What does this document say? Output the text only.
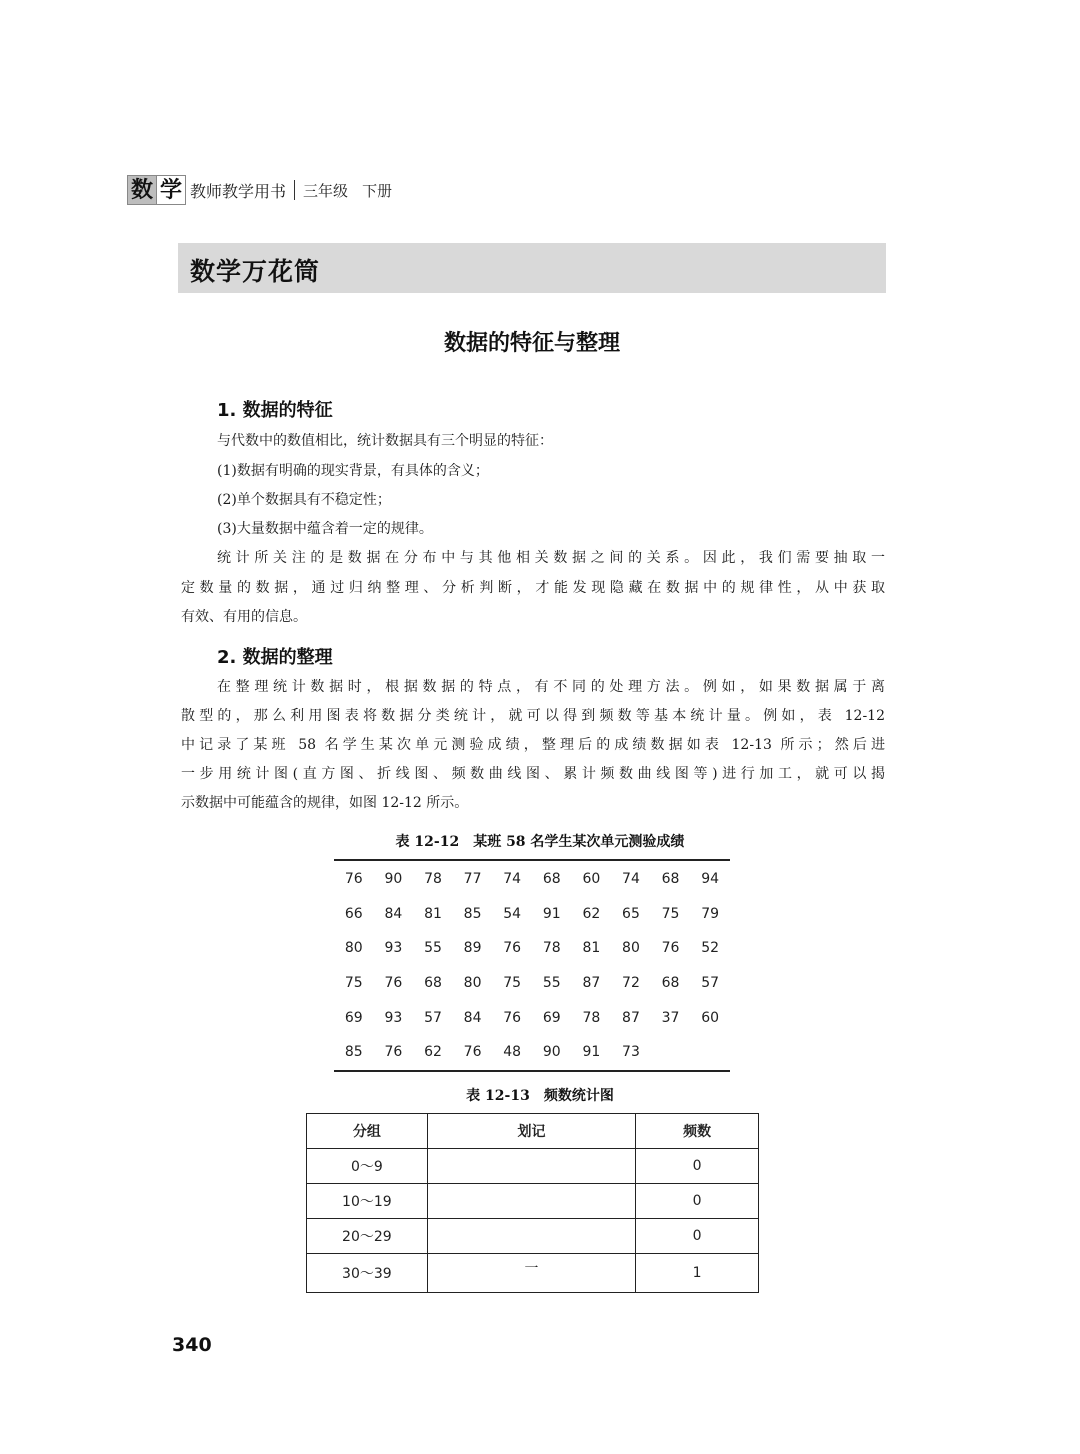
数 学 教师教学用书 三年级 下册
数学万花筒
数据的特征与整理
1. 数据的特征
与代数中的数值相比，统计数据具有三个明显的特征：
(1)数据有明确的现实背景，有具体的含义；
(2)单个数据具有不稳定性；
(3)大量数据中蕴含着一定的规律。
统计所关注的是数据在分布中与其他相关数据之间的关系。因此，我们需要抽取一
定数量的数据，通过归纳整理、分析判断，才能发现隐藏在数据中的规律性，从中获取
有效、有用的信息。
2. 数据的整理
在整理统计数据时，根据数据的特点，有不同的处理方法。例如，如果数据属于离
散型的，那么利用图表将数据分类统计，就可以得到频数等基本统计量。例如，表 12-12
中记录了某班 58 名学生某次单元测验成绩，整理后的成绩数据如表 12-13 所示；然后进
一步用统计图(直方图、折线图、频数曲线图、累计频数曲线图等)进行加工，就可以揭
示数据中可能蕴含的规律，如图 12-12 所示。
表 12-12　某班 58 名学生某次单元测验成绩
76	90	78	77	74	68	60	74	68	94
66	84	81	85	54	91	62	65	75	79
80	93	55	89	76	78	81	80	76	52
75	76	68	80	75	55	87	72	68	57
69	93	57	84	76	69	78	87	37	60
85	76	62	76	48	90	91	73
表 12-13　频数统计图
分组	划记	频数
0～9		0
10～19		0
20～29		0
30～39	一	1
340
